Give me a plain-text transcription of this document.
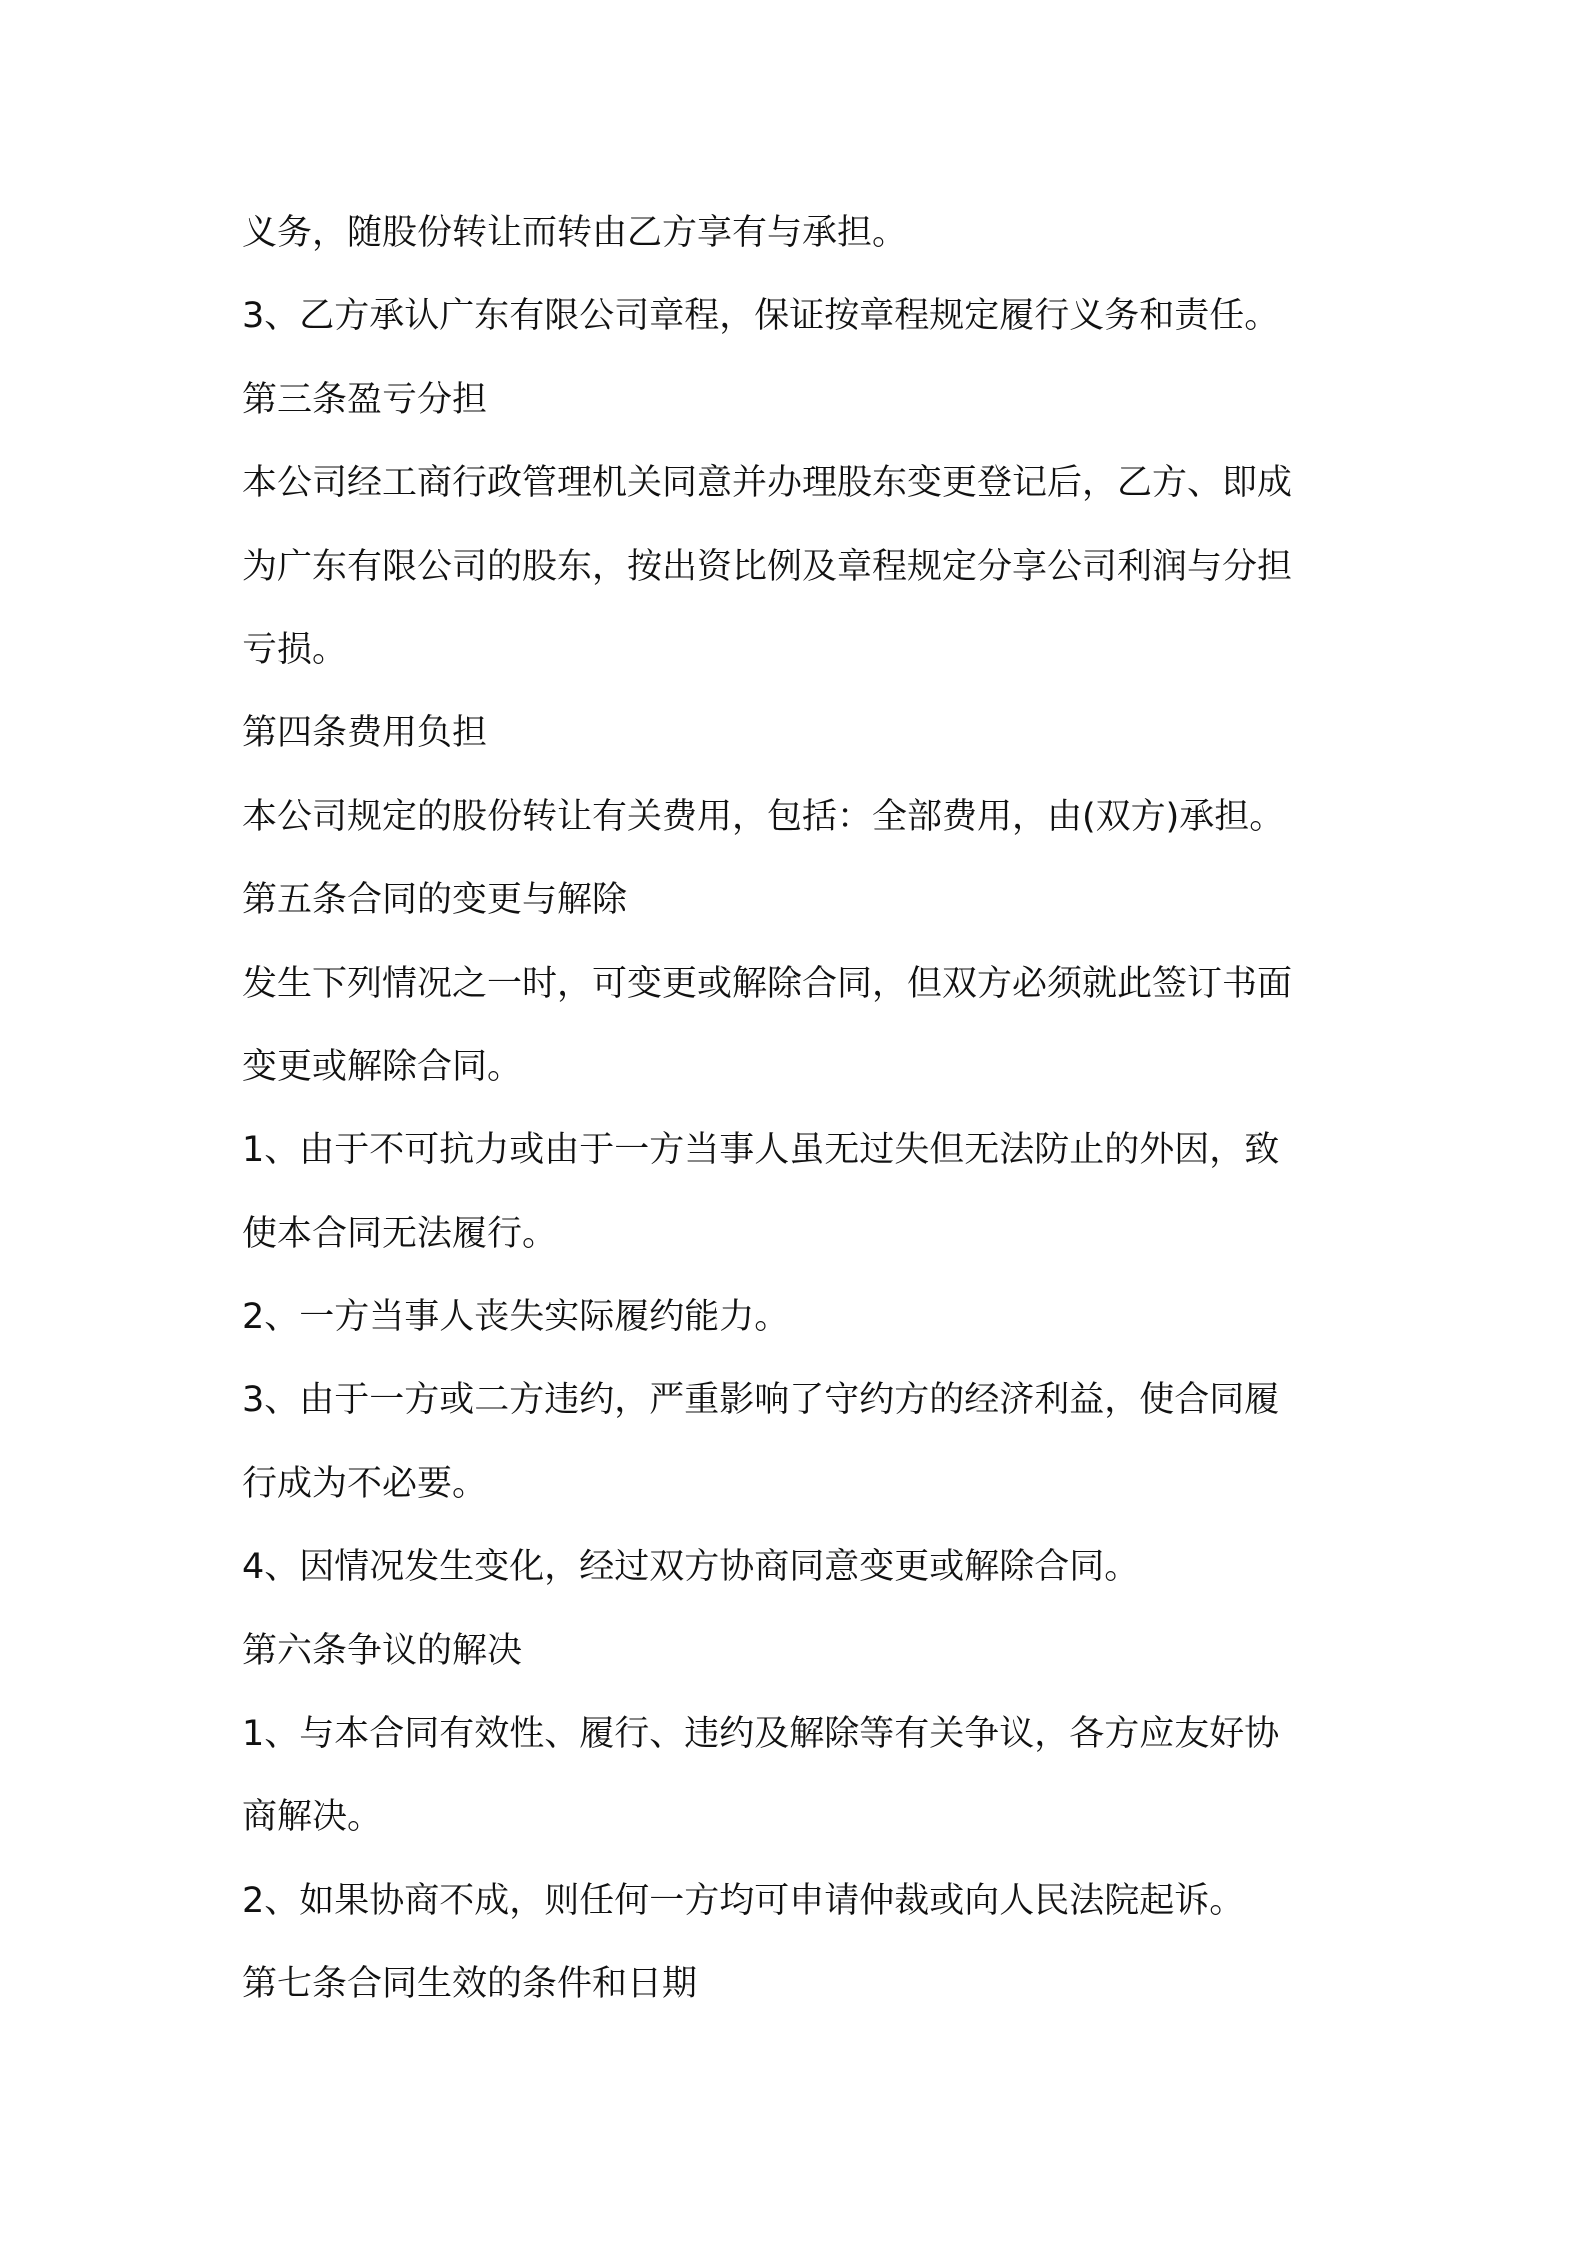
义务，随股份转让而转由乙方享有与承担。
3、乙方承认广东有限公司章程，保证按章程规定履行义务和责任。
第三条盈亏分担
本公司经工商行政管理机关同意并办理股东变更登记后，乙方、即成
为广东有限公司的股东，按出资比例及章程规定分享公司利润与分担
亏损。
第四条费用负担
本公司规定的股份转让有关费用，包括：全部费用，由(双方)承担。
第五条合同的变更与解除
发生下列情况之一时，可变更或解除合同，但双方必须就此签订书面
变更或解除合同。
1、由于不可抗力或由于一方当事人虽无过失但无法防止的外因，致
使本合同无法履行。
2、一方当事人丧失实际履约能力。
3、由于一方或二方违约，严重影响了守约方的经济利益，使合同履
行成为不必要。
4、因情况发生变化，经过双方协商同意变更或解除合同。
第六条争议的解决
1、与本合同有效性、履行、违约及解除等有关争议，各方应友好协
商解决。
2、如果协商不成，则任何一方均可申请仲裁或向人民法院起诉。
第七条合同生效的条件和日期
